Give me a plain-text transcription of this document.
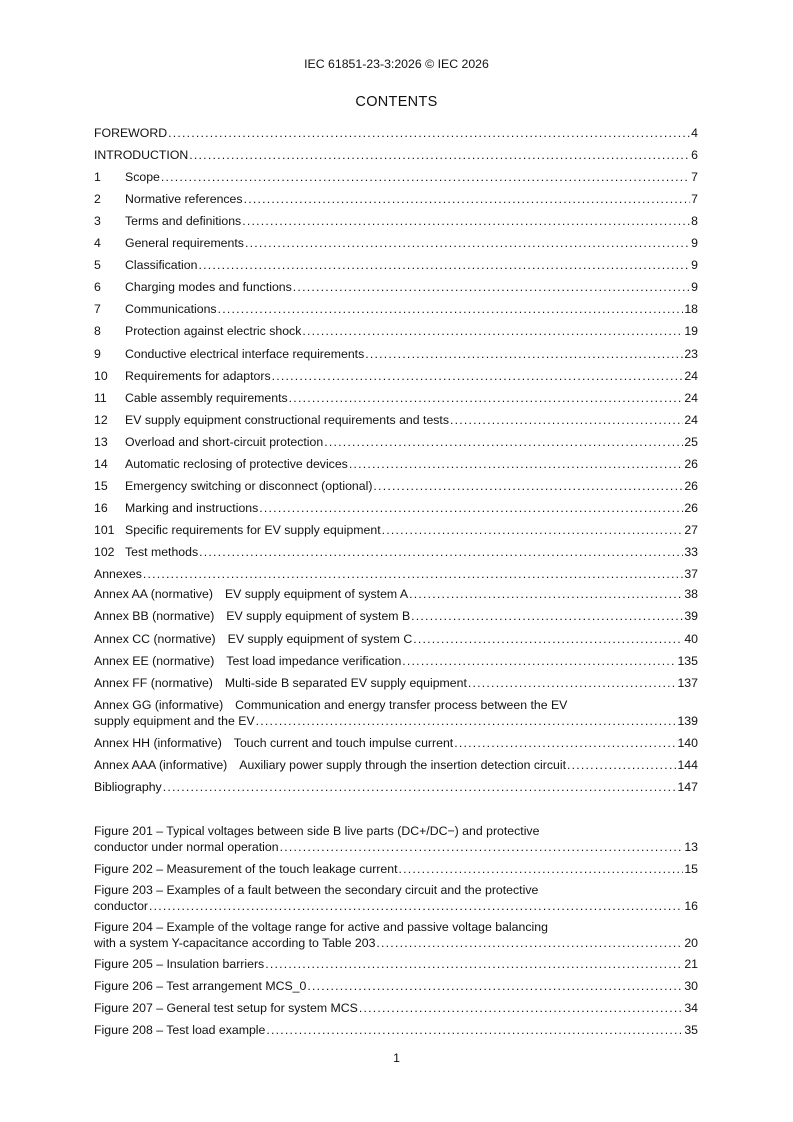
IEC 61851-23-3:2026 © IEC 2026
CONTENTS
FOREWORD . . .	4
INTRODUCTION . . .	6
1 Scope . . .	7
2 Normative references . . .	7
3 Terms and definitions . . .	8
4 General requirements . . .	9
5 Classification . . .	9
6 Charging modes and functions . . .	9
7 Communications . . .	18
8 Protection against electric shock . . .	19
9 Conductive electrical interface requirements . . .	23
10 Requirements for adaptors . . .	24
11 Cable assembly requirements . . .	24
12 EV supply equipment constructional requirements and tests . . .	24
13 Overload and short-circuit protection . . .	25
14 Automatic reclosing of protective devices . . .	26
15 Emergency switching or disconnect (optional) . . .	26
16 Marking and instructions . . .	26
101 Specific requirements for EV supply equipment . . .	27
102 Test methods . . .	33
Annexes . . .	37
Annex AA (normative) EV supply equipment of system A . . .	38
Annex BB (normative) EV supply equipment of system B . . .	39
Annex CC (normative) EV supply equipment of system C . . .	40
Annex EE (normative) Test load impedance verification . . .	135
Annex FF (normative) Multi-side B separated EV supply equipment . . .	137
Annex GG (informative) Communication and energy transfer process between the EV
supply equipment and the EV . . .	139
Annex HH (informative) Touch current and touch impulse current . . .	140
Annex AAA (informative) Auxiliary power supply through the insertion detection circuit . . .	144
Bibliography . . .	147
Figure 201 – Typical voltages between side B live parts (DC+/DC−) and protective
conductor under normal operation . . .	13
Figure 202 – Measurement of the touch leakage current . . .	15
Figure 203 – Examples of a fault between the secondary circuit and the protective
conductor . . .	16
Figure 204 – Example of the voltage range for active and passive voltage balancing
with a system Y-capacitance according to Table 203 . . .	20
Figure 205 – Insulation barriers . . .	21
Figure 206 – Test arrangement MCS_0 . . .	30
Figure 207 – General test setup for system MCS . . .	34
Figure 208 – Test load example . . .	35
1
